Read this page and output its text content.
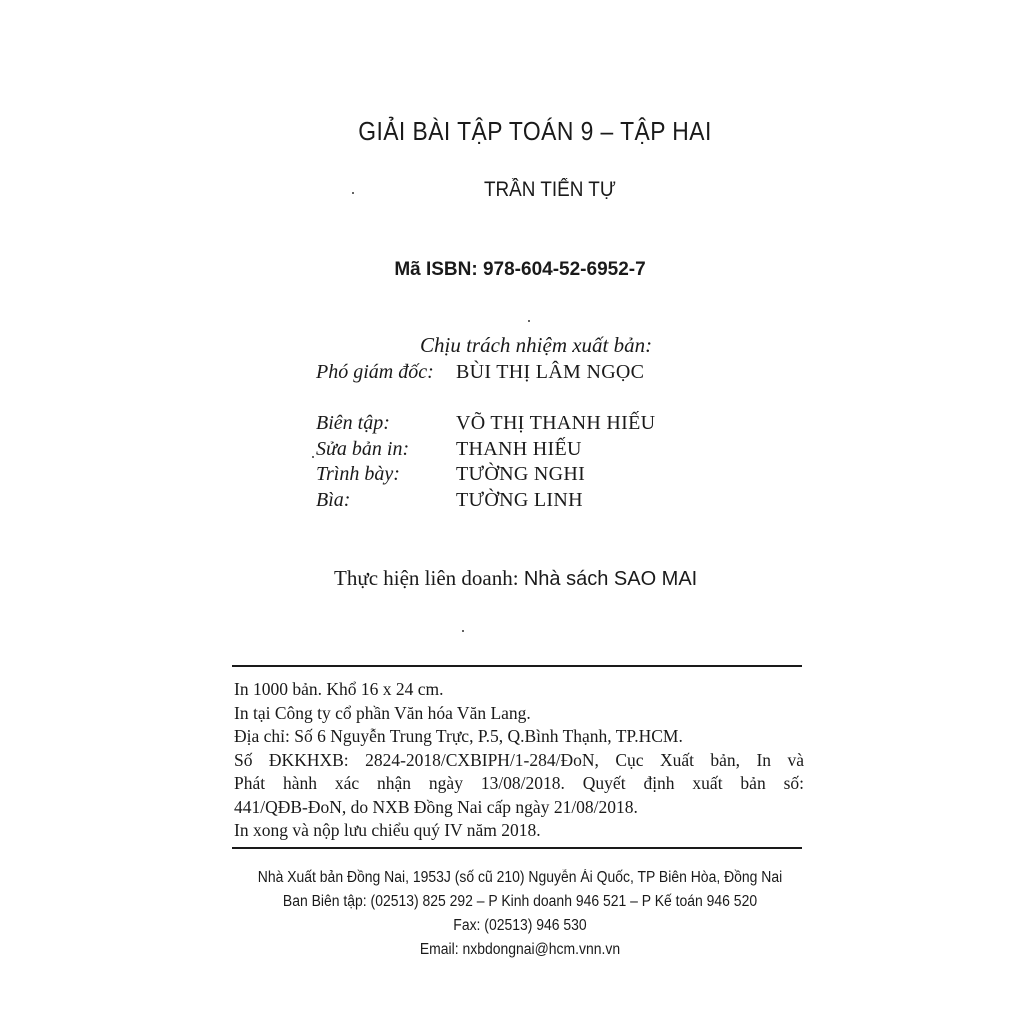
GIẢI BÀI TẬP TOÁN 9 – TẬP HAI
TRẦN TIẾN TỰ
Mã ISBN: 978-604-52-6952-7
Chịu trách nhiệm xuất bản:
Phó giám đốc: BÙI THỊ LÂM NGỌC
Biên tập:	VÕ THỊ THANH HIẾU
Sửa bản in: THANH HIẾU
Trình bày:	TƯỜNG NGHI
Bìa:	TƯỜNG LINH
Thực hiện liên doanh: Nhà sách SAO MAI
In 1000 bản. Khổ 16 x 24 cm.
In tại Công ty cổ phần Văn hóa Văn Lang.
Địa chỉ: Số 6 Nguyễn Trung Trực, P.5, Q.Bình Thạnh, TP.HCM.
Số ĐKKHXB: 2824-2018/CXBIPH/1-284/ĐoN, Cục Xuất bản, In và
Phát hành xác nhận ngày 13/08/2018. Quyết định xuất bản số:
441/QĐB-ĐoN, do NXB Đồng Nai cấp ngày 21/08/2018.
In xong và nộp lưu chiểu quý IV năm 2018.
Nhà Xuất bản Đồng Nai, 1953J (số cũ 210) Nguyễn Ái Quốc, TP Biên Hòa, Đồng Nai
Ban Biên tập: (02513) 825 292 – P Kinh doanh 946 521 – P Kế toán 946 520
Fax: (02513) 946 530
Email: nxbdongnai@hcm.vnn.vn
